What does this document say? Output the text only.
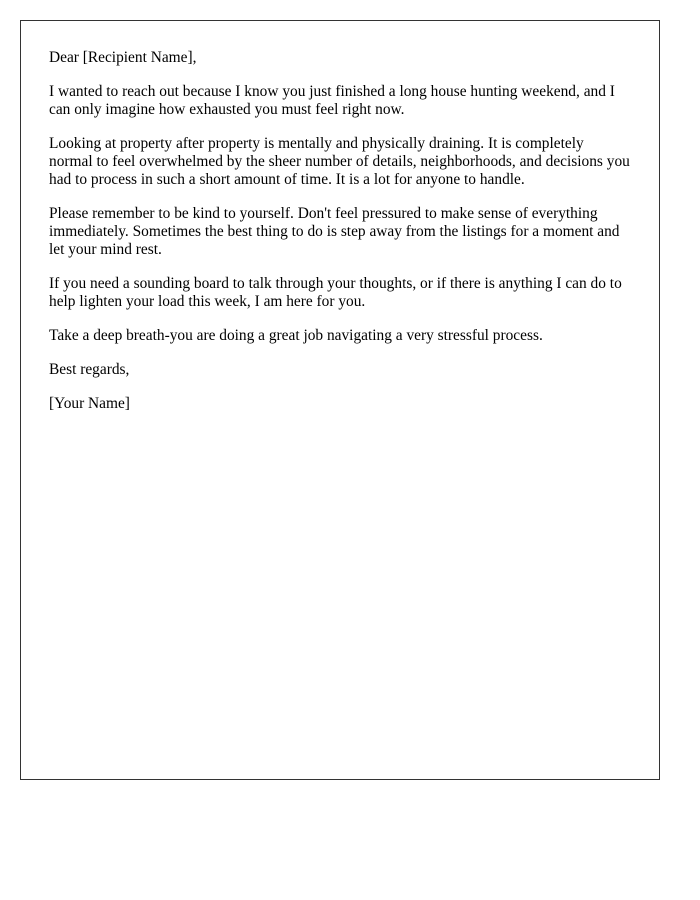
Dear [Recipient Name],

I wanted to reach out because I know you just finished a long house hunting weekend, and I can only imagine how exhausted you must feel right now.

Looking at property after property is mentally and physically draining. It is completely normal to feel overwhelmed by the sheer number of details, neighborhoods, and decisions you had to process in such a short amount of time. It is a lot for anyone to handle.

Please remember to be kind to yourself. Don't feel pressured to make sense of everything immediately. Sometimes the best thing to do is step away from the listings for a moment and let your mind rest.

If you need a sounding board to talk through your thoughts, or if there is anything I can do to help lighten your load this week, I am here for you.

Take a deep breath-you are doing a great job navigating a very stressful process.

Best regards,

[Your Name]
